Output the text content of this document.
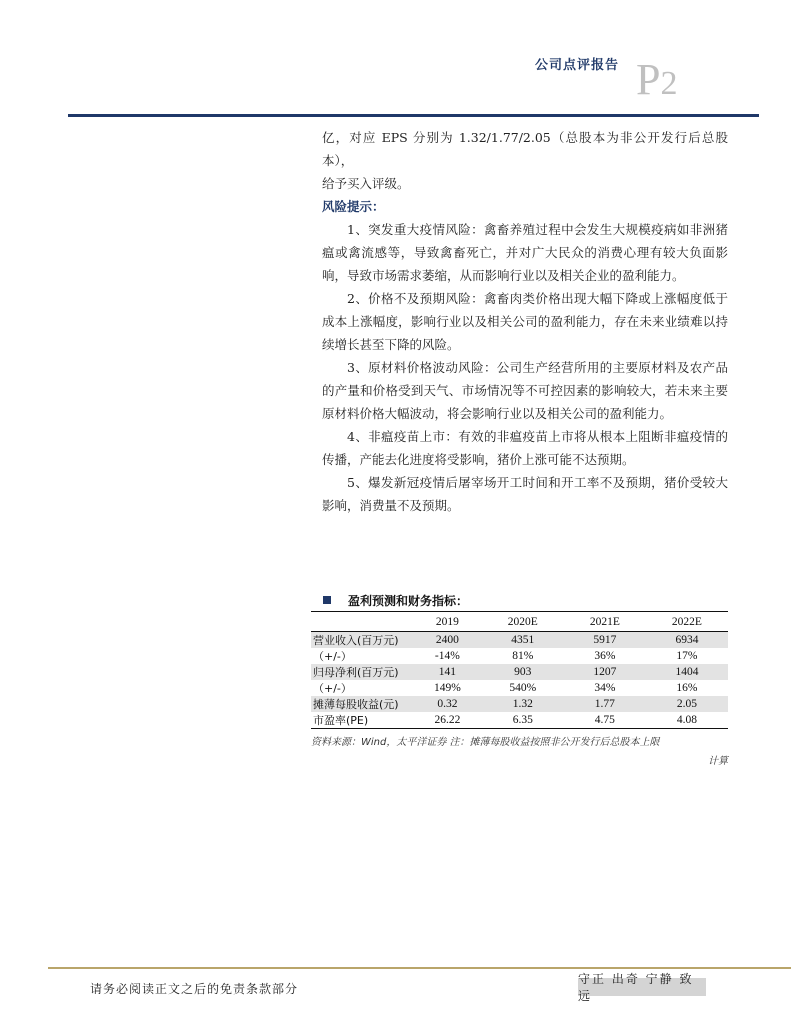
公司点评报告 P2

亿，对应 EPS 分别为 1.32/1.77/2.05（总股本为非公开发行后总股本），

给予买入评级。

风险提示：

1、突发重大疫情风险：禽畜养殖过程中会发生大规模疫病如非洲猪瘟或禽流感等，导致禽畜死亡，并对广大民众的消费心理有较大负面影响，导致市场需求萎缩，从而影响行业以及相关企业的盈利能力。

2、价格不及预期风险：禽畜肉类价格出现大幅下降或上涨幅度低于成本上涨幅度，影响行业以及相关公司的盈利能力，存在未来业绩难以持续增长甚至下降的风险。

3、原材料价格波动风险：公司生产经营所用的主要原材料及农产品的产量和价格受到天气、市场情况等不可控因素的影响较大，若未来主要原材料价格大幅波动，将会影响行业以及相关公司的盈利能力。

4、非瘟疫苗上市：有效的非瘟疫苗上市将从根本上阻断非瘟疫情的传播，产能去化进度将受影响，猪价上涨可能不达预期。

5、爆发新冠疫情后屠宰场开工时间和开工率不及预期，猪价受较大影响，消费量不及预期。

盈利预测和财务指标：
	2019	2020E	2021E	2022E
营业收入(百万元)	2400	4351	5917	6934
（+/-）	-14%	81%	36%	17%
归母净利(百万元)	141	903	1207	1404
（+/-）	149%	540%	34%	16%
摊薄每股收益(元)	0.32	1.32	1.77	2.05
市盈率(PE)	26.22	6.35	4.75	4.08
资料来源：Wind，太平洋证券 注：摊薄每股收益按照非公开发行后总股本上限
计算
请务必阅读正文之后的免责条款部分
守正 出奇 宁静 致远
